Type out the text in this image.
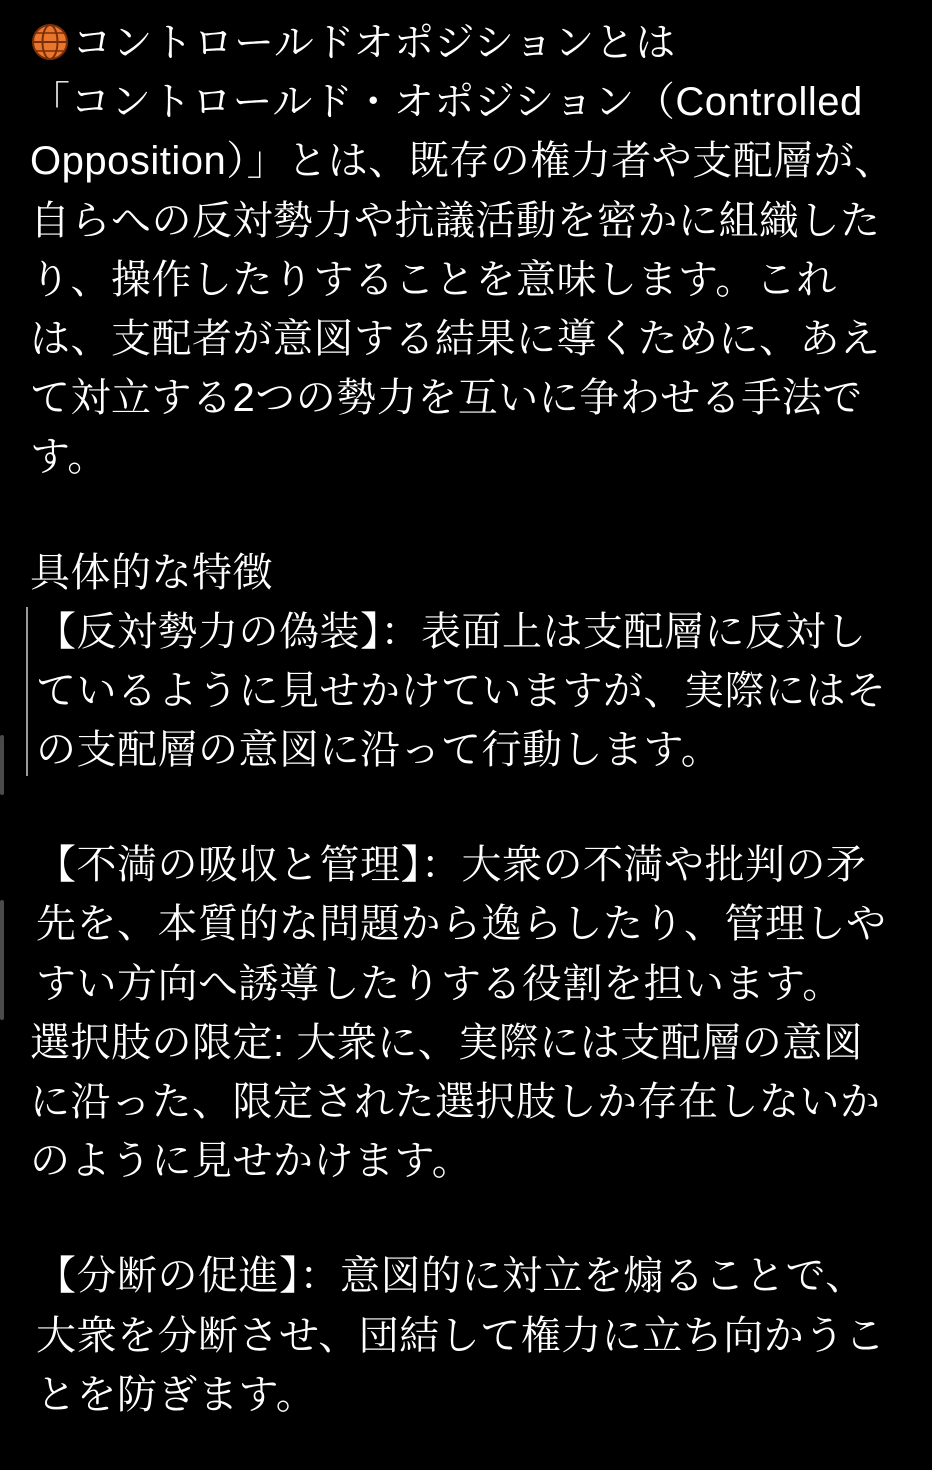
コントロールドオポジションとは

「コントロールド・オポジション（Controlled Opposition）」とは、既存の権力者や支配層が、自らへの反対勢力や抗議活動を密かに組織したり、操作したりすることを意味します。これは、支配者が意図する結果に導くために、あえて対立する2つの勢力を互いに争わせる手法です。

具体的な特徴
【反対勢力の偽装】：表面上は支配層に反対しているように見せかけていますが、実際にはその支配層の意図に沿って行動します。
【不満の吸収と管理】：大衆の不満や批判の矛先を、本質的な問題から逸らしたり、管理しやすい方向へ誘導したりする役割を担います。
選択肢の限定: 大衆に、実際には支配層の意図に沿った、限定された選択肢しか存在しないかのように見せかけます。
【分断の促進】：意図的に対立を煽ることで、大衆を分断させ、団結して権力に立ち向かうことを防ぎます。
